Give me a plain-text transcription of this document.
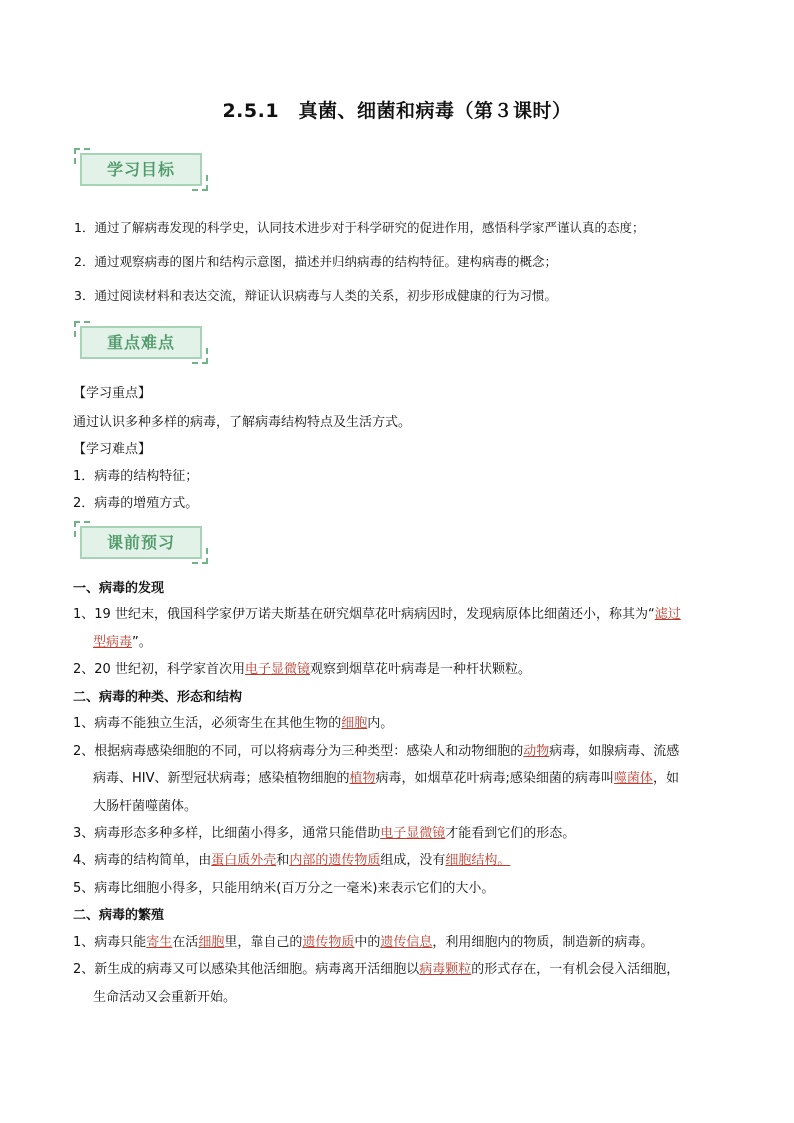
2.5.1　真菌、细菌和病毒（第３课时）
学习目标
1．通过了解病毒发现的科学史，认同技术进步对于科学研究的促进作用，感悟科学家严谨认真的态度；
2．通过观察病毒的图片和结构示意图，描述并归纳病毒的结构特征。建构病毒的概念；
3．通过阅读材料和表达交流，辩证认识病毒与人类的关系，初步形成健康的行为习惯。
重点难点
【学习重点】
通过认识多种多样的病毒，了解病毒结构特点及生活方式。
【学习难点】
1．病毒的结构特征；
2．病毒的增殖方式。
课前预习
一、病毒的发现
1、19 世纪末，俄国科学家伊万诺夫斯基在研究烟草花叶病病因时，发现病原体比细菌还小，称其为“滤过
型病毒”。
2、20 世纪初，科学家首次用电子显微镜观察到烟草花叶病毒是一种杆状颗粒。
二、病毒的种类、形态和结构
1、病毒不能独立生活，必须寄生在其他生物的细胞内。
2、根据病毒感染细胞的不同，可以将病毒分为三种类型：感染人和动物细胞的动物病毒，如腺病毒、流感
病毒、HIV、新型冠状病毒；感染植物细胞的植物病毒，如烟草花叶病毒;感染细菌的病毒叫噬菌体，如
大肠杆菌噬菌体。
3、病毒形态多种多样，比细菌小得多，通常只能借助电子显微镜才能看到它们的形态。
4、病毒的结构简单，由蛋白质外壳和内部的遗传物质组成，没有细胞结构。
5、病毒比细胞小得多，只能用纳米(百万分之一毫米)来表示它们的大小。
二、病毒的繁殖
1、病毒只能寄生在活细胞里，靠自己的遗传物质中的遗传信息，利用细胞内的物质，制造新的病毒。
2、新生成的病毒又可以感染其他活细胞。病毒离开活细胞以病毒颗粒的形式存在，一有机会侵入活细胞，
生命活动又会重新开始。
